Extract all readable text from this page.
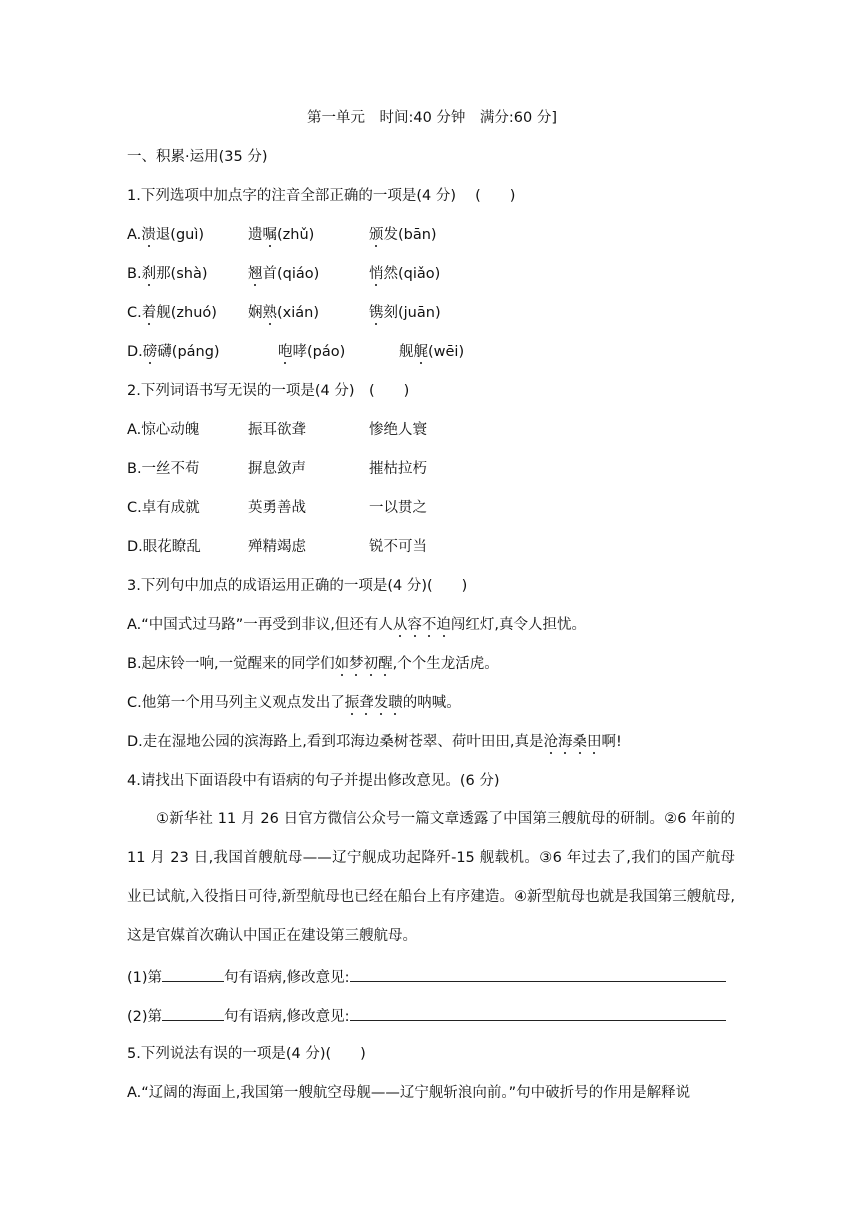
第一单元　时间:40 分钟　满分:60 分]
一、积累·运用(35 分)
1.下列选项中加点字的注音全部正确的一项是(4 分)　 (　　)
A.溃退(guì)	遗嘱(zhǔ)	颁发(bān)
B.刹那(shà)	翘首(qiáo)	悄然(qiǎo)
C.着舰(zhuó) 娴熟(xián)	镌刻(juān)
D.磅礴(páng)	咆哮(páo)	舰艉(wēi)
2.下列词语书写无误的一项是(4 分)　(　　)
A.惊心动魄	振耳欲聋	惨绝人寰
B.一丝不苟	摒息敛声	摧枯拉朽
C.卓有成就	英勇善战	一以贯之
D.眼花瞭乱	殚精竭虑	锐不可当
3.下列句中加点的成语运用正确的一项是(4 分)(　　)
A.“中国式过马路”一再受到非议,但还有人从容不迫闯红灯,真令人担忧。
B.起床铃一响,一觉醒来的同学们如梦初醒,个个生龙活虎。
C.他第一个用马列主义观点发出了振聋发聩的呐喊。
D.走在湿地公园的滨海路上,看到邛海边桑树苍翠、荷叶田田,真是沧海桑田啊!
4.请找出下面语段中有语病的句子并提出修改意见。(6 分)
①新华社 11 月 26 日官方微信公众号一篇文章透露了中国第三艘航母的研制。②6 年前的 11 月 23 日,我国首艘航母——辽宁舰成功起降歼-15 舰载机。③6 年过去了,我们的国产航母业已试航,入役指日可待,新型航母也已经在船台上有序建造。④新型航母也就是我国第三艘航母,这是官媒首次确认中国正在建设第三艘航母。
(1)第	句有语病,修改意见:
(2)第	句有语病,修改意见:
5.下列说法有误的一项是(4 分)(　　)
A.“辽阔的海面上,我国第一艘航空母舰——辽宁舰斩浪向前。”句中破折号的作用是解释说
